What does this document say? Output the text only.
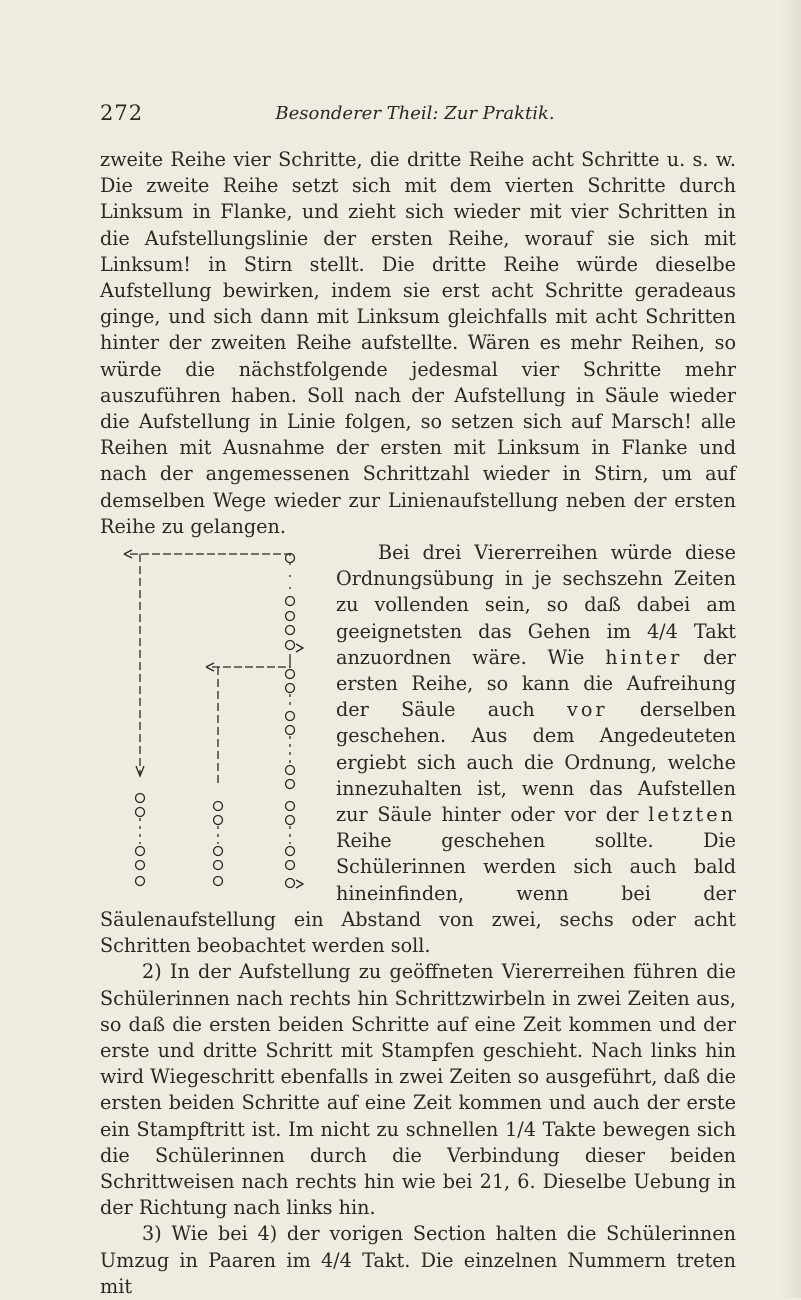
272	Besonderer Theil: Zur Praktik.

zweite Reihe vier Schritte, die dritte Reihe acht Schritte u. s. w. Die zweite Reihe setzt sich mit dem vierten Schritte durch Linksum in Flanke, und zieht sich wieder mit vier Schritten in die Aufstellungslinie der ersten Reihe, worauf sie sich mit Linksum! in Stirn stellt. Die dritte Reihe würde dieselbe Aufstellung bewirken, indem sie erst acht Schritte geradeaus ginge, und sich dann mit Linksum gleichfalls mit acht Schritten hinter der zweiten Reihe aufstellte. Wären es mehr Reihen, so würde die nächstfolgende jedesmal vier Schritte mehr auszuführen haben. Soll nach der Aufstellung in Säule wieder die Aufstellung in Linie folgen, so setzen sich auf Marsch! alle Reihen mit Ausnahme der ersten mit Linksum in Flanke und nach der angemessenen Schrittzahl wieder in Stirn, um auf demselben Wege wieder zur Linienaufstellung neben der ersten Reihe zu gelangen.

Bei drei Viererreihen würde diese Ordnungsübung in je sechszehn Zeiten zu vollenden sein, so daß dabei am geeignetsten das Gehen im 4/4 Takt anzuordnen wäre. Wie hinter der ersten Reihe, so kann die Aufreihung der Säule auch vor derselben geschehen. Aus dem Angedeuteten ergiebt sich auch die Ordnung, welche innezuhalten ist, wenn das Aufstellen zur Säule hinter oder vor der letzten Reihe geschehen sollte. Die Schülerinnen werden sich auch bald hineinfinden, wenn bei der Säulenaufstellung ein Abstand von zwei, sechs oder acht Schritten beobachtet werden soll.

2) In der Aufstellung zu geöffneten Viererreihen führen die Schülerinnen nach rechts hin Schrittzwirbeln in zwei Zeiten aus, so daß die ersten beiden Schritte auf eine Zeit kommen und der erste und dritte Schritt mit Stampfen geschieht. Nach links hin wird Wiegeschritt ebenfalls in zwei Zeiten so ausgeführt, daß die ersten beiden Schritte auf eine Zeit kommen und auch der erste ein Stampftritt ist. Im nicht zu schnellen 1/4 Takte bewegen sich die Schülerinnen durch die Verbindung dieser beiden Schrittweisen nach rechts hin wie bei 21, 6. Dieselbe Uebung in der Richtung nach links hin.

3) Wie bei 4) der vorigen Section halten die Schülerinnen Umzug in Paaren im 4/4 Takt. Die einzelnen Nummern treten mit
